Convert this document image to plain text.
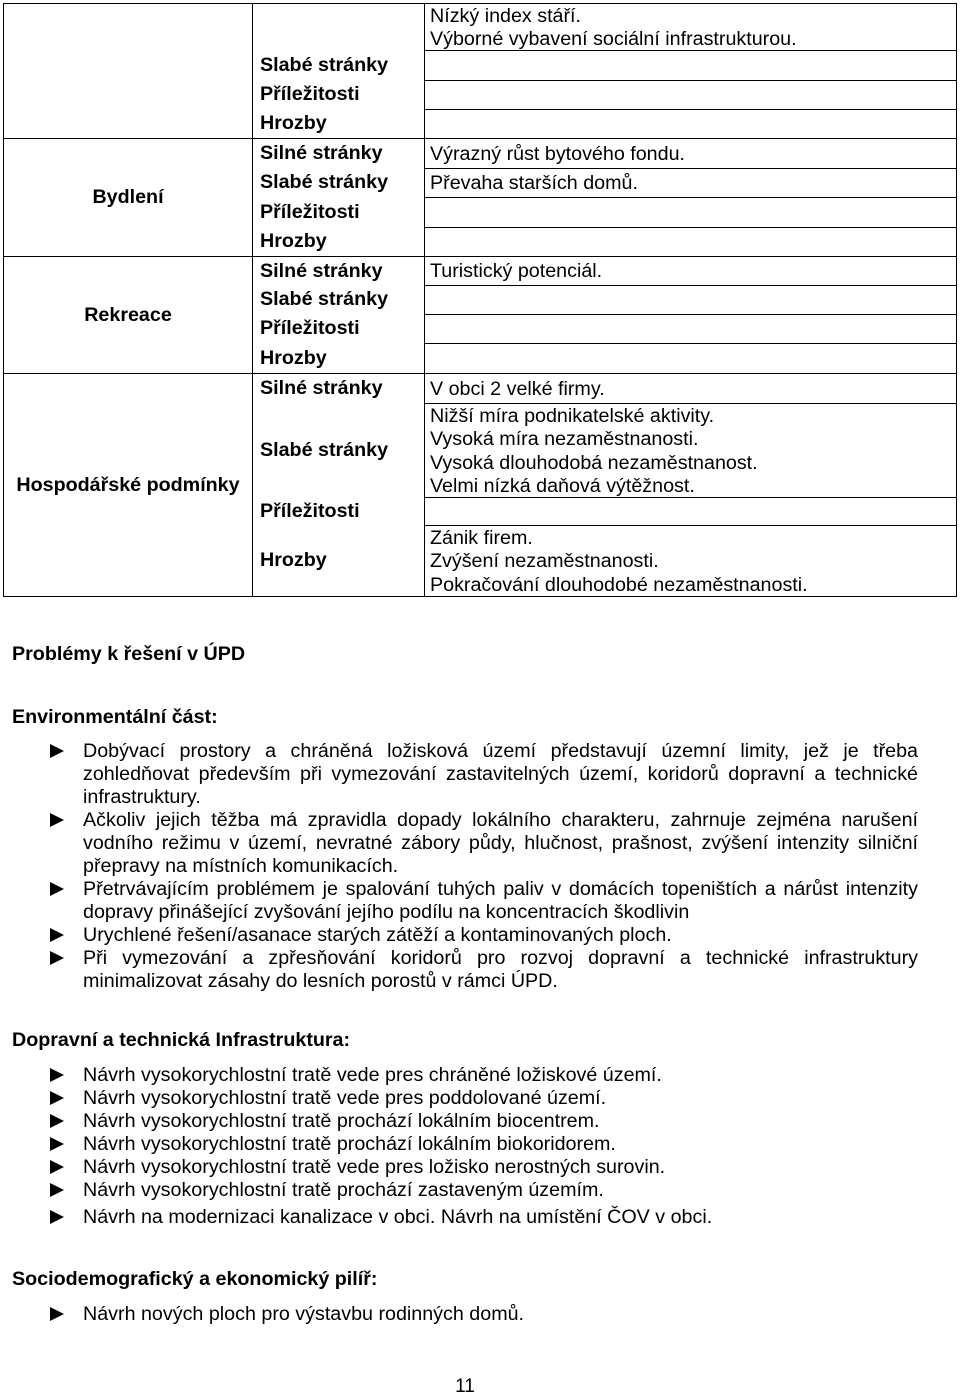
Bydlení
Rekreace
Hospodářské podmínky
Slabé stránky
Příležitosti
Hrozby
Silné stránky
Slabé stránky
Příležitosti
Hrozby
Silné stránky
Slabé stránky
Příležitosti
Hrozby
Silné stránky
Slabé stránky
Příležitosti
Hrozby
Nízký index stáří.
Výborné vybavení sociální infrastrukturou.
Výrazný růst bytového fondu.
Převaha starších domů.
Turistický potenciál.
V obci 2 velké firmy.
Nižší míra podnikatelské aktivity.
Vysoká míra nezaměstnanosti.
Vysoká dlouhodobá nezaměstnanost.
Velmi nízká daňová výtěžnost.
Zánik firem.
Zvýšení nezaměstnanosti.
Pokračování dlouhodobé nezaměstnanosti.
Problémy k řešení v ÚPD
Environmentální část:
Dobývací prostory a chráněná ložisková území představují územní limity, jež je třeba zohledňovat především při vymezování zastavitelných území, koridorů dopravní a technické infrastruktury.
Ačkoliv jejich těžba má zpravidla dopady lokálního charakteru, zahrnuje zejména narušení vodního režimu v území, nevratné zábory půdy, hlučnost, prašnost, zvýšení intenzity silniční přepravy na místních komunikacích.
Přetrvávajícím problémem je spalování tuhých paliv v domácích topeništích a nárůst intenzity dopravy přinášející zvyšování jejího podílu na koncentracích škodlivin
Urychlené řešení/asanace starých zátěží a kontaminovaných ploch.
Při vymezování a zpřesňování koridorů pro rozvoj dopravní a technické infrastruktury minimalizovat zásahy do lesních porostů v rámci ÚPD.
Dopravní a technická Infrastruktura:
Návrh vysokorychlostní tratě vede pres chráněné ložiskové území.
Návrh vysokorychlostní tratě vede pres poddolované území.
Návrh vysokorychlostní tratě prochází lokálním biocentrem.
Návrh vysokorychlostní tratě prochází lokálním biokoridorem.
Návrh vysokorychlostní tratě vede pres ložisko nerostných surovin.
Návrh vysokorychlostní tratě prochází zastaveným územím.
Návrh na modernizaci kanalizace v obci. Návrh na umístění ČOV v obci.
Sociodemografický a ekonomický pilíř:
Návrh nových ploch pro výstavbu rodinných domů.
11
